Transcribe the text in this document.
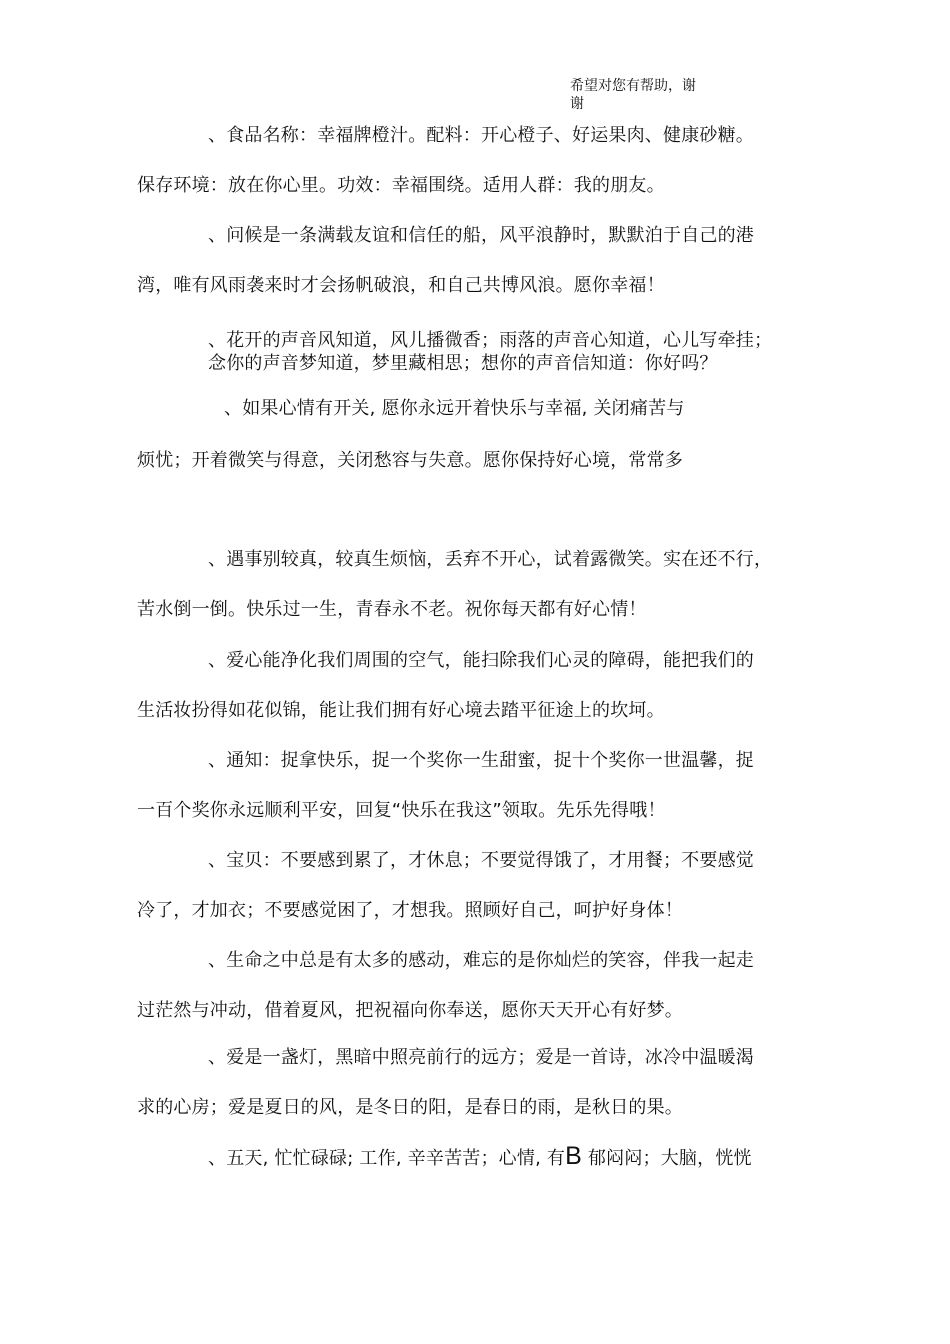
希望对您有帮助，谢
谢
、食品名称：幸福牌橙汁。配料：开心橙子、好运果肉、健康砂糖。
保存环境：放在你心里。功效：幸福围绕。适用人群：我的朋友。
、问候是一条满载友谊和信任的船，风平浪静时，默默泊于自己的港
湾，唯有风雨袭来时才会扬帆破浪，和自己共博风浪。愿你幸福！
、花开的声音风知道，风儿播微香；雨落的声音心知道，心儿写牵挂；
念你的声音梦知道，梦里藏相思；想你的声音信知道：你好吗？
、如果心情有开关, 愿你永远开着快乐与幸福, 关闭痛苦与
烦忧；开着微笑与得意，关闭愁容与失意。愿你保持好心境，常常多
、遇事别较真，较真生烦恼，丢弃不开心，试着露微笑。实在还不行，
苦水倒一倒。快乐过一生，青春永不老。祝你每天都有好心情！
、爱心能净化我们周围的空气，能扫除我们心灵的障碍，能把我们的
生活妆扮得如花似锦，能让我们拥有好心境去踏平征途上的坎坷。
、通知：捉拿快乐，捉一个奖你一生甜蜜，捉十个奖你一世温馨，捉
一百个奖你永远顺利平安，回复“快乐在我这”领取。先乐先得哦！
、宝贝：不要感到累了，才休息；不要觉得饿了，才用餐；不要感觉
冷了，才加衣；不要感觉困了，才想我。照顾好自己，呵护好身体！
、生命之中总是有太多的感动，难忘的是你灿烂的笑容，伴我一起走
过茫然与冲动，借着夏风，把祝福向你奉送，愿你天天开心有好梦。
、爱是一盏灯，黑暗中照亮前行的远方；爱是一首诗，冰冷中温暖渴
求的心房；爱是夏日的风，是冬日的阳，是春日的雨，是秋日的果。
、五天, 忙忙碌碌; 工作, 辛辛苦苦；心情, 有B 郁闷闷；大脑，恍恍
